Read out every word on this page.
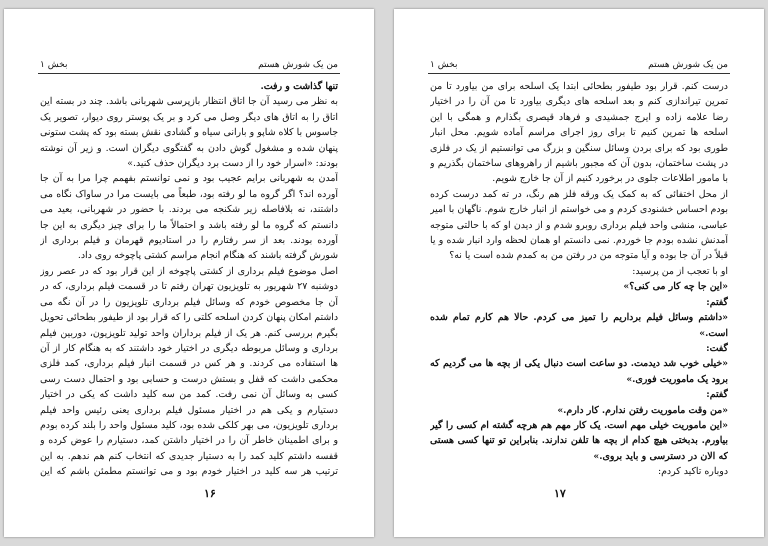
بخش ۱	من یک شورش هستم

تنها گذاشت و رفت.

به نظر می رسید آن جا اتاق انتظار بازپرسی شهربانی باشد. چند در بسته این اتاق را به اتاق های دیگر وصل می کرد و بر یک پوستر روی دیوار، تصویر یک جاسوس با کلاه شاپو و بارانی سیاه و گشادی نقش بسته بود که پشت ستونی پنهان شده و مشغول گوش دادن به گفتگوی دیگران است. و زیر آن نوشته بودند: «اسرار خود را از دست برد دیگران حذف کنید.»

آمدن به شهربانی برایم عجیب بود و نمی توانستم بفهمم چرا مرا به آن جا آورده اند؟ اگر گروه ما لو رفته بود، طبعاً می بایست مرا در ساواک نگاه می داشتند، نه بلافاصله زیر شکنجه می بردند. با حضور در شهربانی، بعید می دانستم که گروه ما لو رفته باشد و احتمالاً ما را برای چیز دیگری به این جا آورده بودند. بعد از سر رفتارم را در استادیوم قهرمان و فیلم برداری از شورش گرفته باشند که هنگام انجام مراسم کشتی پاچوخه روی داد.

اصل موضوع فیلم برداری از کشتی پاچوخه از این قرار بود که در عصر روز دوشنبه ۲۷ شهریور به تلویزیون تهران رفتم تا در قسمت فیلم برداری، که در آن جا مخصوص خودم که وسائل فیلم برداری تلویزیون را در آن نگه می داشتم امکان پنهان کردن اسلحه کلتی را که قرار بود از طیفور بطحائی تحویل بگیرم بررسی کنم. هر یک از فیلم برداران واحد تولید تلویزیون، دوربین فیلم برداری و وسائل مربوطه دیگری در اختیار خود داشتند که به هنگام کار از آن ها استفاده می کردند. و هر کس در قسمت انبار فیلم برداری، کمد فلزی محکمی داشت که قفل و بستش درست و حسابی بود و احتمال دست رسی کسی به وسائل آن نمی رفت. کمد من سه کلید داشت که یکی در اختیار دستیارم و یکی هم در اختیار مسئول فیلم برداری یعنی رئیس واحد فیلم برداری تلویزیون، می بهر کلکی شده بود، کلید مسئول واحد را بلند کرده بودم و برای اطمینان خاطر آن را در اختیار داشتن کمد، دستیارم را عوض کرده و قفسه داشتم کلید کمد را به دستیار جدیدی که انتخاب کنم هم ندهم. به این ترتیب هر سه کلید در اختیار خودم بود و می توانستم مطمئن باشم که این

۱۶
بخش ۱	من یک شورش هستم

درست کنم. قرار بود طیفور بطحائی ابتدا یک اسلحه برای من بیاورد تا من تمرین تیراندازی کنم و بعد اسلحه های دیگری بیاورد تا من آن را در اختیار رضا علامه زاده و ایرج جمشیدی و فرهاد قیصری بگذارم و همگی با این اسلحه ها تمرین کنیم تا برای روز اجرای مراسم آماده شویم. محل انبار طوری بود که برای بردن وسائل سنگین و بزرگ می توانستیم از یک در فلزی در پشت ساختمان، بدون آن که مجبور باشیم از راهروهای ساختمان بگذریم و با مامور اطلاعات جلوی در برخورد کنیم از آن جا خارج شویم.

از محل اختفائی که به کمک یک ورقه فلز هم رنگ، در ته کمد درست کرده بودم احساس خشنودی کردم و می خواستم از انبار خارج شوم. ناگهان با امیر عباسی، منشی واحد فیلم برداری روبرو شدم و از دیدن او که با حالتی متوجه آمدنش نشده بودم جا خوردم. نمی دانستم او همان لحظه وارد انبار شده و یا قبلاً در آن جا بوده و آیا متوجه من در رفتن من به کمدم شده است یا نه؟

او با تعجب از من پرسید:

«این جا چه کار می کنی؟»

گفتم:

«داشتم وسائل فیلم برداریم را تمیز می کردم. حالا هم کارم تمام شده است.»

گفت:

«خیلی خوب شد دیدمت. دو ساعت است دنبال یکی از بچه ها می گردیم که برود یک ماموریت فوری.»

گفتم:

«من وقت ماموریت رفتن ندارم. کار دارم.»

«این ماموریت خیلی مهم است. یک کار مهم هم هرچه گشته ام کسی را گیر بیاورم. بدبختی هیچ کدام از بچه ها تلفن ندارند. بنابراین تو تنها کسی هستی که الان در دسترسی و باید بروی.»

دوباره تاکید کردم:

۱۷
